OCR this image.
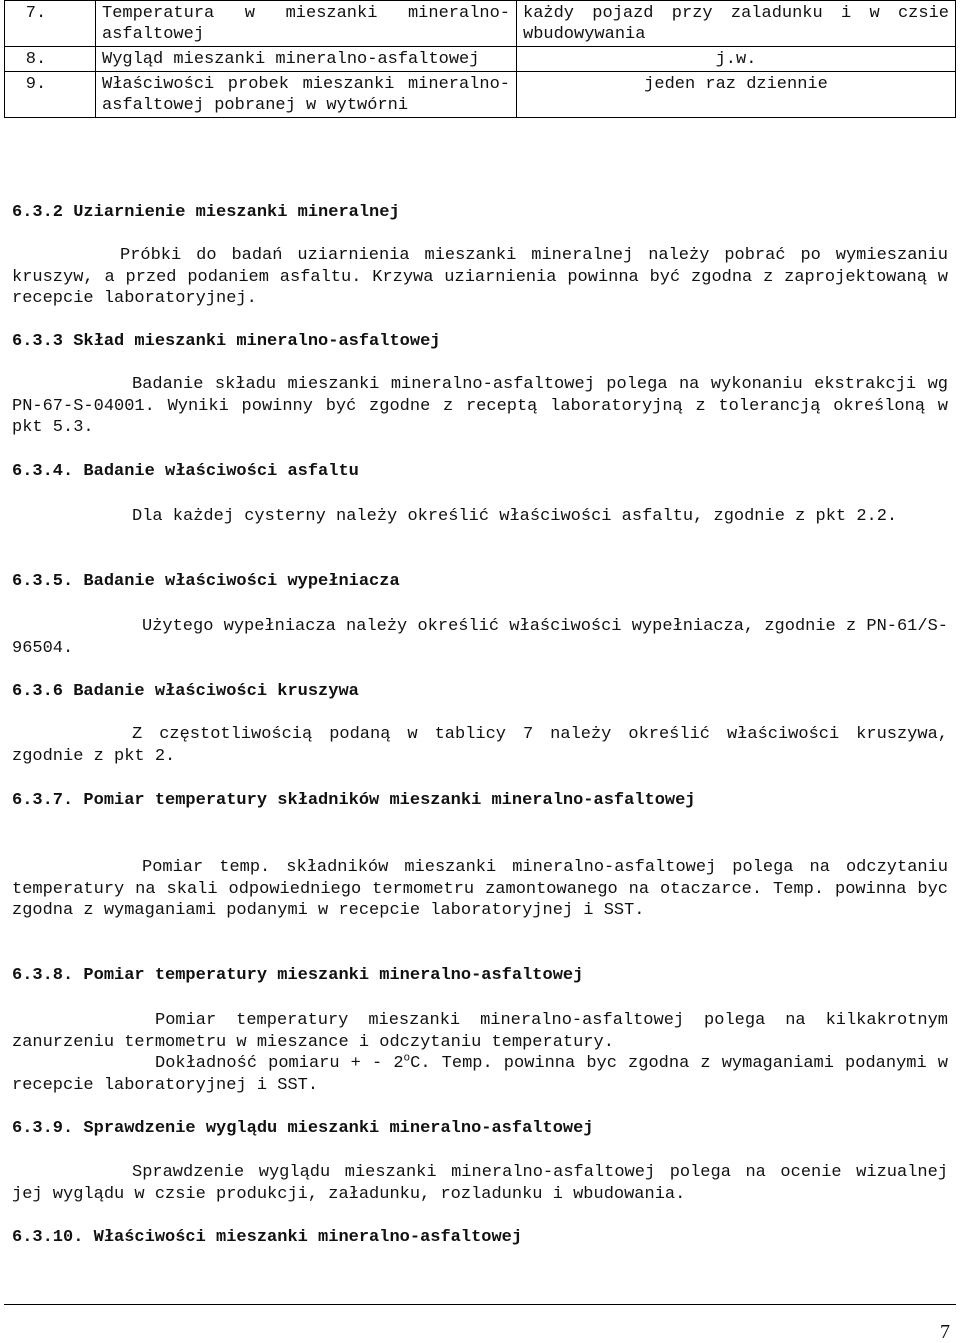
7.	Temperatura w mieszanki mineralno-asfaltowej	każdy pojazd przy zaladunku i w czsie wbudowywania
8.	Wygląd mieszanki mineralno-asfaltowej	j.w.
9.	Właściwości probek mieszanki mineralno-asfaltowej pobranej w wytwórni	jeden raz dziennie
6.3.2 Uziarnienie mieszanki mineralnej

Próbki do badań uziarnienia mieszanki mineralnej należy pobrać po wymieszaniu kruszyw, a przed podaniem asfaltu. Krzywa uziarnienia powinna być zgodna z zaprojektowaną w recepcie laboratoryjnej.

6.3.3 Skład mieszanki mineralno-asfaltowej

Badanie składu mieszanki mineralno-asfaltowej polega na wykonaniu ekstrakcji wg PN-67-S-04001. Wyniki powinny być zgodne z receptą laboratoryjną z tolerancją określoną w pkt 5.3.

6.3.4. Badanie właściwości asfaltu

Dla każdej cysterny należy określić właściwości asfaltu, zgodnie z pkt 2.2.

6.3.5. Badanie właściwości wypełniacza

Użytego wypełniacza należy określić właściwości wypełniacza, zgodnie z PN-61/S-96504.

6.3.6 Badanie właściwości kruszywa

Z częstotliwością podaną w tablicy 7 należy określić właściwości kruszywa, zgodnie z pkt 2.

6.3.7. Pomiar temperatury składników mieszanki mineralno-asfaltowej

Pomiar temp. składników mieszanki mineralno-asfaltowej polega na odczytaniu temperatury na skali odpowiedniego termometru zamontowanego na otaczarce. Temp. powinna byc zgodna z wymaganiami podanymi w recepcie laboratoryjnej i SST.

6.3.8. Pomiar temperatury mieszanki mineralno-asfaltowej

Pomiar temperatury mieszanki mineralno-asfaltowej polega na kilkakrotnym zanurzeniu termometru w mieszance i odczytaniu temperatury.

Dokładność pomiaru + - 2$^o$C. Temp. powinna byc zgodna z wymaganiami podanymi w recepcie laboratoryjnej i SST.

6.3.9. Sprawdzenie wyglądu mieszanki mineralno-asfaltowej

Sprawdzenie wyglądu mieszanki mineralno-asfaltowej polega na ocenie wizualnej jej wyglądu w czsie produkcji, załadunku, rozladunku i wbudowania.

6.3.10. Właściwości mieszanki mineralno-asfaltowej
7
